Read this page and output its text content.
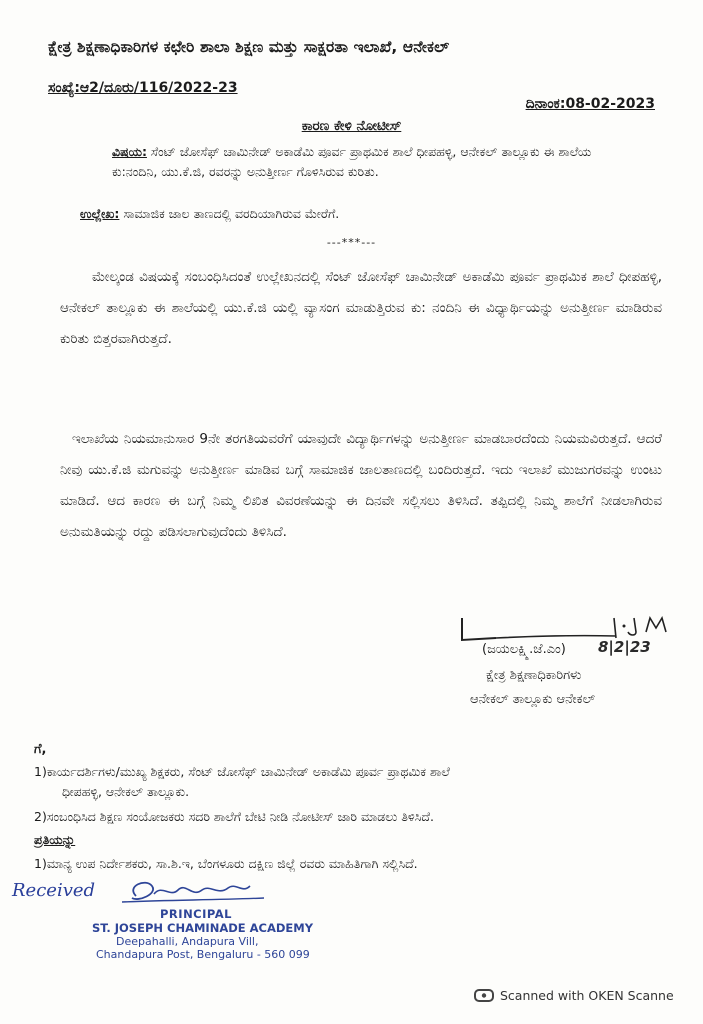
ಕ್ಷೇತ್ರ ಶಿಕ್ಷಣಾಧಿಕಾರಿಗಳ ಕಛೇರಿ ಶಾಲಾ ಶಿಕ್ಷಣ ಮತ್ತು ಸಾಕ್ಷರತಾ ಇಲಾಖೆ, ಆನೇಕಲ್
ಸಂಖ್ಯೆ:ಆ2/ದೂರು/116/2022-23
ದಿನಾಂಕ:08-02-2023
ಕಾರಣ ಕೇಳಿ ನೋಟೀಸ್
ವಿಷಯ: ಸೆಂಟ್ ಜೋಸೆಫ್ ಚಾಮಿನೇಡ್ ಅಕಾಡೆಮಿ ಪೂರ್ವ ಪ್ರಾಥಮಿಕ ಶಾಲೆ ಧೀಪಹಳ್ಳಿ, ಆನೇಕಲ್ ತಾಲ್ಲೂಕು ಈ ಶಾಲೆಯ ಕು:ನಂದಿನಿ, ಯು.ಕೆ.ಜಿ, ರವರನ್ನು ಅನುತ್ತೀರ್ಣ ಗೊಳಿಸಿರುವ ಕುರಿತು.
ಉಲ್ಲೇಖ: ಸಾಮಾಜಿಕ ಜಾಲ ತಾಣದಲ್ಲಿ ವರದಿಯಾಗಿರುವ ಮೇರೆಗೆ.
---***---
ಮೇಲ್ಕಂಡ ವಿಷಯಕ್ಕೆ ಸಂಬಂಧಿಸಿದಂತೆ ಉಲ್ಲೇಖನದಲ್ಲಿ ಸೆಂಟ್ ಜೋಸೆಫ್ ಚಾಮಿನೇಡ್ ಅಕಾಡೆಮಿ ಪೂರ್ವ ಪ್ರಾಥಮಿಕ ಶಾಲೆ ಧೀಪಹಳ್ಳಿ, ಆನೇಕಲ್ ತಾಲ್ಲೂಕು ಈ ಶಾಲೆಯಲ್ಲಿ ಯು.ಕೆ.ಜಿ ಯಲ್ಲಿ ವ್ಯಾಸಂಗ ಮಾಡುತ್ತಿರುವ ಕು: ನಂದಿನಿ ಈ ವಿಧ್ಯಾರ್ಥಿಯನ್ನು ಅನುತ್ತೀರ್ಣ ಮಾಡಿರುವ ಕುರಿತು ಬಿತ್ತರವಾಗಿರುತ್ತದೆ.
ಇಲಾಖೆಯ ನಿಯಮಾನುಸಾರ 9ನೇ ತರಗತಿಯವರೆಗೆ ಯಾವುದೇ ವಿದ್ಯಾರ್ಥಿಗಳನ್ನು ಅನುತ್ತೀರ್ಣ ಮಾಡಬಾರದೆಂದು ನಿಯಮವಿರುತ್ತದೆ. ಆದರೆ ನೀವು ಯು.ಕೆ.ಜಿ ಮಗುವನ್ನು ಅನುತ್ತೀರ್ಣ ಮಾಡಿವ ಬಗ್ಗೆ ಸಾಮಾಜಿಕ ಜಾಲತಾಣದಲ್ಲಿ ಬಂದಿರುತ್ತದೆ. ಇದು ಇಲಾಖೆ ಮುಜುಗರವನ್ನು ಉಂಟು ಮಾಡಿದೆ. ಆದ ಕಾರಣ ಈ ಬಗ್ಗೆ ನಿಮ್ಮ ಲಿಖಿತ ವಿವರಣೆಯನ್ನು ಈ ದಿನವೇ ಸಲ್ಲಿಸಲು ತಿಳಿಸಿದೆ. ತಪ್ಪಿದಲ್ಲಿ ನಿಮ್ಮ ಶಾಲೆಗೆ ನೀಡಲಾಗಿರುವ ಅನುಮತಿಯನ್ನು ರದ್ದು ಪಡಿಸಲಾಗುವುದೆಂದು ತಿಳಿಸಿದೆ.
(ಜಯಲಕ್ಷ್ಮಿ.ಜೆ.ಎಂ) 8|2|23
ಕ್ಷೇತ್ರ ಶಿಕ್ಷಣಾಧಿಕಾರಿಗಳು
ಆನೇಕಲ್ ತಾಲ್ಲೂಕು ಆನೇಕಲ್
ಗೆ,
1)ಕಾರ್ಯದರ್ಶಿಗಳು/ಮುಖ್ಯ ಶಿಕ್ಷಕರು, ಸೆಂಟ್ ಜೋಸೆಫ್ ಚಾಮಿನೇಡ್ ಅಕಾಡೆಮಿ ಪೂರ್ವ ಪ್ರಾಥಮಿಕ ಶಾಲೆ
ಧೀಪಹಳ್ಳಿ, ಆನೇಕಲ್ ತಾಲ್ಲೂಕು.
2)ಸಂಬಂಧಿಸಿದ ಶಿಕ್ಷಣ ಸಂಯೋಜಕರು ಸದರಿ ಶಾಲೆಗೆ ಬೇಟಿ ನೀಡಿ ನೋಟೀಸ್ ಜಾರಿ ಮಾಡಲು ತಿಳಿಸಿದೆ.
ಪ್ರತಿಯನ್ನು
1)ಮಾನ್ಯ ಉಪ ನಿರ್ದೇಶಕರು, ಸಾ.ಶಿ.ಇ, ಬೆಂಗಳೂರು ದಕ್ಷಿಣ ಜಿಲ್ಲೆ ರವರು ಮಾಹಿತಿಗಾಗಿ ಸಲ್ಲಿಸಿದೆ.
Received
PRINCIPAL
ST. JOSEPH CHAMINADE ACADEMY
Deepahalli, Andapura Vill,
Chandapura Post, Bengaluru - 560 099
Scanned with OKEN Scanne
